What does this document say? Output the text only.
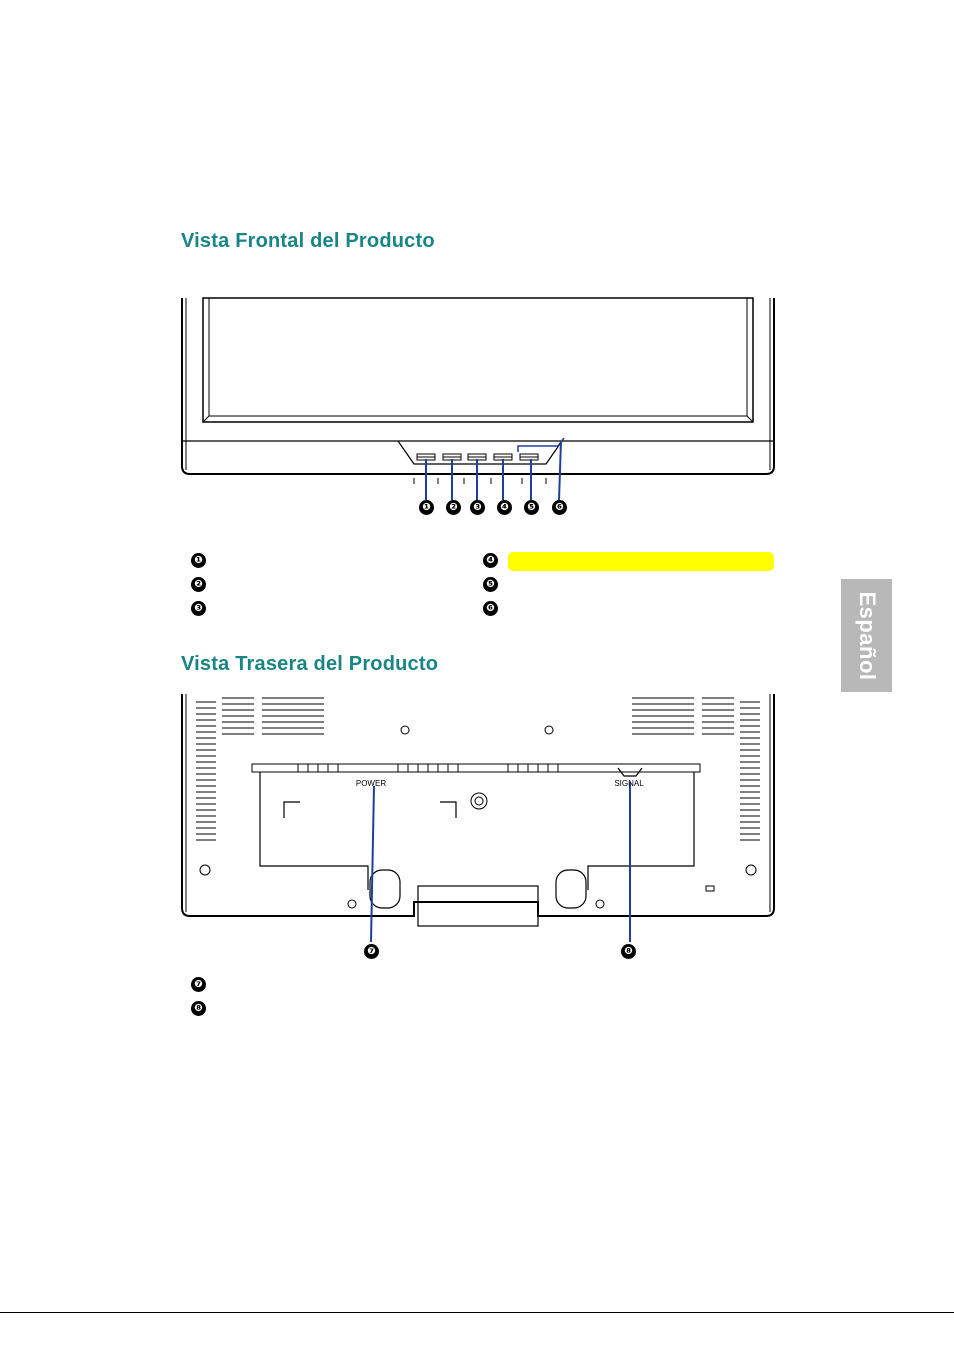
Vista Frontal del Producto
❶	❷	❸	❹	❺	❻
❶
❷
❸
❹
❺
❻
Vista Trasera del Producto
POWER	SIGNAL
❼	❽
❼
❽
Español
